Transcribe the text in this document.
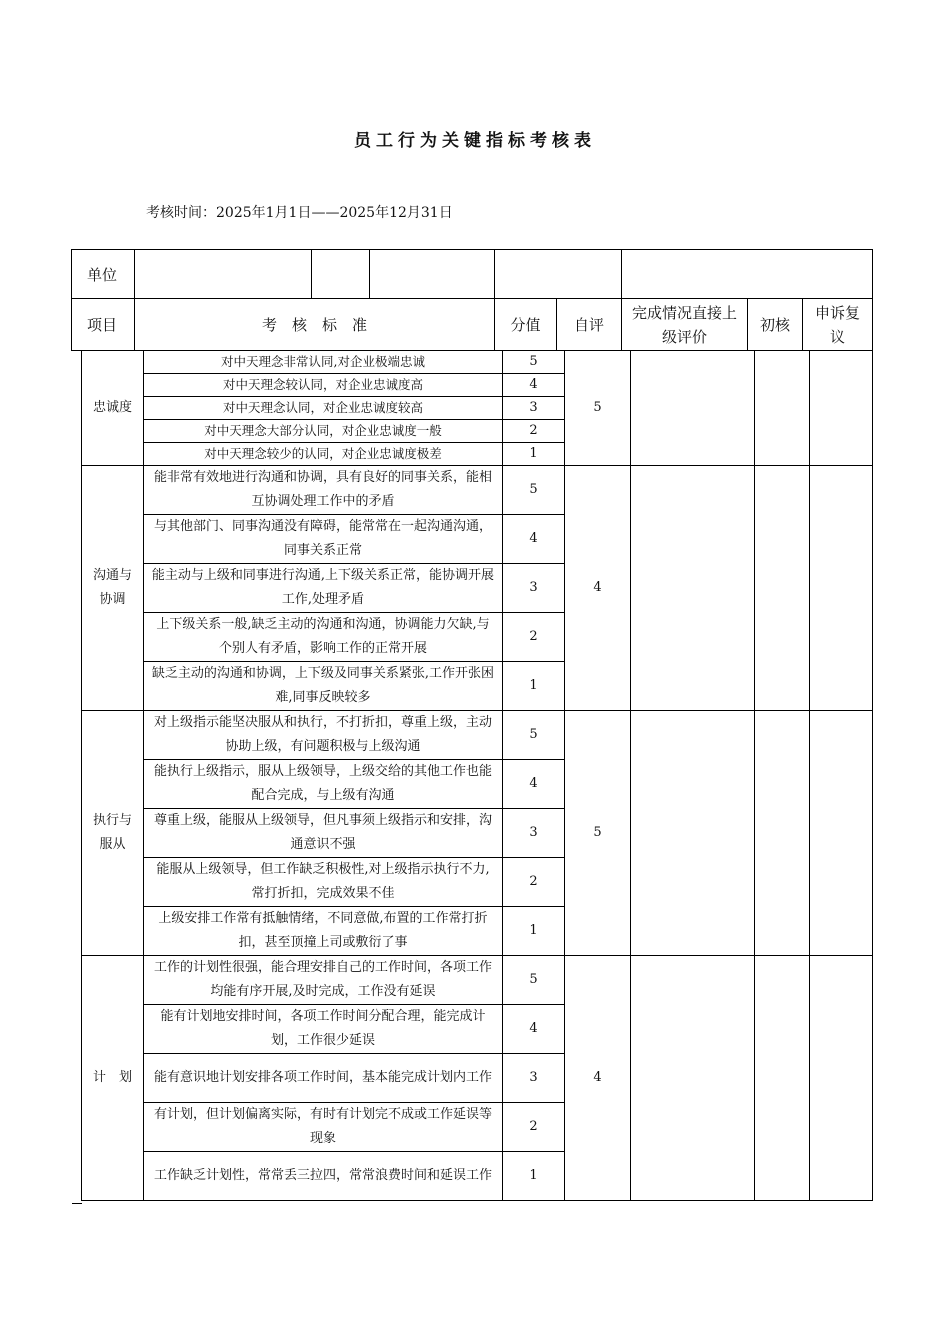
员工行为关键指标考核表
考核时间：2025年1月1日——2025年12月31日
单位								
项目	考　核　标　准			分值	自评	完成情况直接上级评价	初核	申诉复议
忠诚度	对中天理念非常认同,对企业极端忠诚	5	5			
	对中天理念较认同，对企业忠诚度高	4				
	对中天理念认同，对企业忠诚度较高	3				
	对中天理念大部分认同，对企业忠诚度一般	2				
	对中天理念较少的认同，对企业忠诚度极差	1				
沟通与协调	能非常有效地进行沟通和协调，具有良好的同事关系，能相互协调处理工作中的矛盾	5	4			
	与其他部门、同事沟通没有障碍，能常常在一起沟通沟通，同事关系正常	4				
	能主动与上级和同事进行沟通,上下级关系正常，能协调开展工作,处理矛盾	3				
	上下级关系一般,缺乏主动的沟通和沟通，协调能力欠缺,与个别人有矛盾，影响工作的正常开展	2				
	缺乏主动的沟通和协调，上下级及同事关系紧张,工作开张困难,同事反映较多	1				
执行与服从	对上级指示能坚决服从和执行，不打折扣，尊重上级，主动协助上级，有问题积极与上级沟通	5	5			
	能执行上级指示，服从上级领导，上级交给的其他工作也能配合完成，与上级有沟通	4				
	尊重上级，能服从上级领导，但凡事须上级指示和安排，沟通意识不强	3				
	能服从上级领导，但工作缺乏积极性,对上级指示执行不力,常打折扣，完成效果不佳	2				
	上级安排工作常有抵触情绪，不同意做,布置的工作常打折扣，甚至顶撞上司或敷衍了事	1				
计　划	工作的计划性很强，能合理安排自己的工作时间，各项工作均能有序开展,及时完成，工作没有延误	5	4			
	能有计划地安排时间，各项工作时间分配合理，能完成计划，工作很少延误	4				
	能有意识地计划安排各项工作时间，基本能完成计划内工作	3				
	有计划，但计划偏离实际，有时有计划完不成或工作延误等现象	2				
	工作缺乏计划性，常常丢三拉四，常常浪费时间和延误工作	1				
